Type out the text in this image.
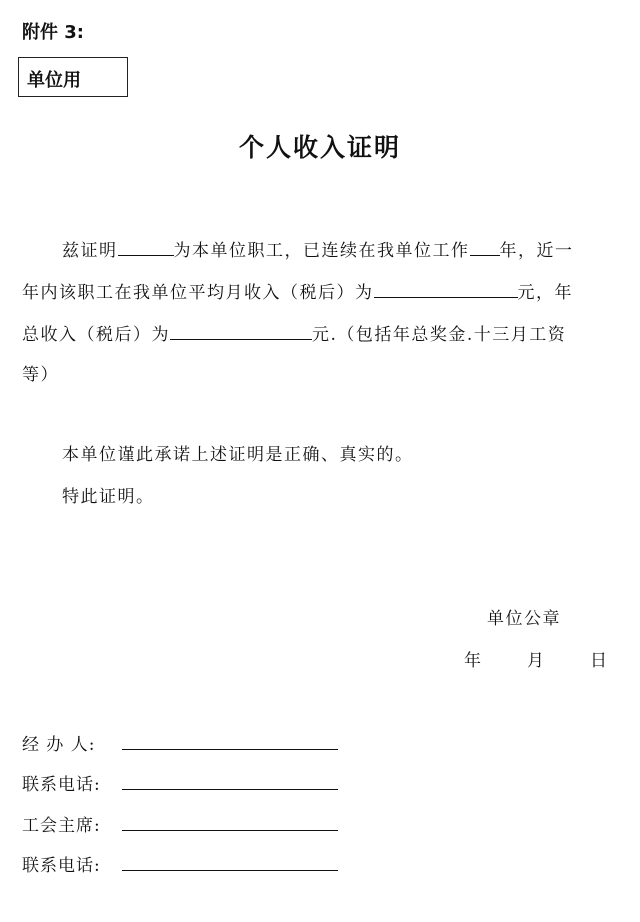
附件 3:
单位用
个人收入证明
兹证明	为本单位职工，已连续在我单位工作 年，近一
年内该职工在我单位平均月收入（税后）为	元，年
总收入（税后）为	元.（包括年总奖金.十三月工资
等）
本单位谨此承诺上述证明是正确、真实的。
特此证明。
单位公章
年	月	日
经 办 人:
联系电话:
工会主席:
联系电话:
